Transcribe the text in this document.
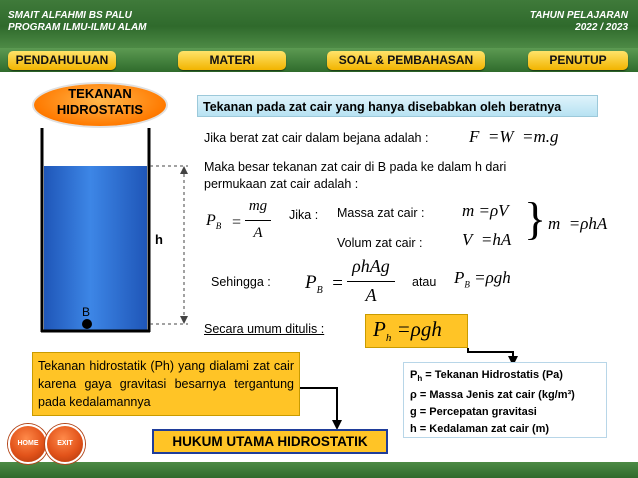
SMAIT ALFAHMI BS PALU
PROGRAM ILMU-ILMU ALAM
TAHUN PELAJARAN
2022 / 2023
PENDAHULUAN	MATERI	SOAL & PEMBAHASAN	PENUTUP
TEKANAN HIDROSTATIS	Tekanan pada zat cair yang hanya disebabkan oleh beratnya
h
B
Jika berat zat cair dalam bejana adalah : F  =W  =m.g
Maka besar tekanan zat cair di B pada ke dalam h dari
permukaan zat cair adalah :
$P_B$ =
mg
A
Jika : Massa zat cair : m =ρV
Volum zat cair : V  =hA } m  =ρhA
Sehingga : $P_B$ =
ρhAg
A
atau $P_B =\rho gh$
Secara umum ditulis : $P_h =\rho gh$
Tekanan hidrostatik (Ph) yang dialami zat cair karena gaya gravitasi besarnya tergantung pada kedalamannya
$P_h$ = Tekanan Hidrostatis (Pa)
ρ = Massa Jenis zat cair (kg/m³)
g = Percepatan gravitasi
h = Kedalaman zat cair (m)
HUKUM UTAMA HIDROSTATIK
HOME	EXIT
